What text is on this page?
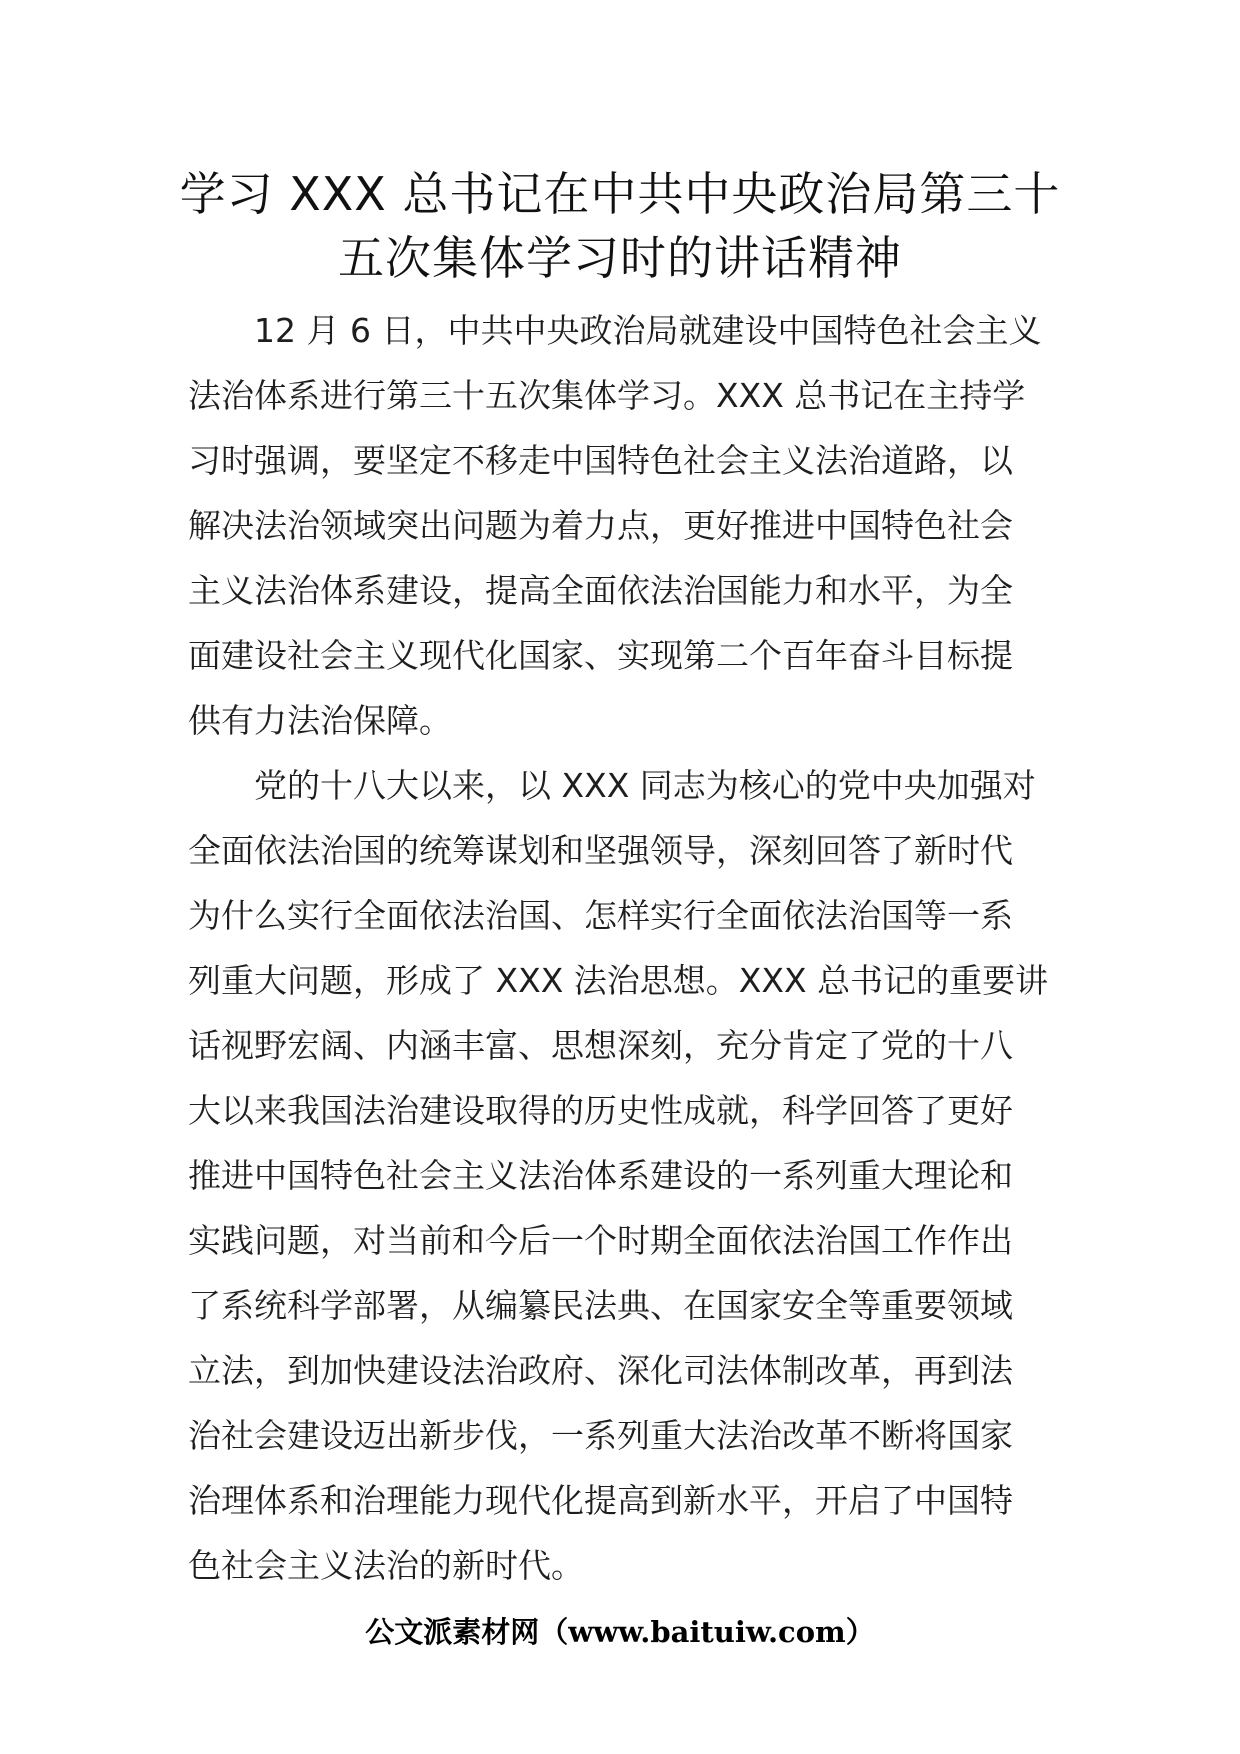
学习 XXX 总书记在中共中央政治局第三十
五次集体学习时的讲话精神
12 月 6 日，中共中央政治局就建设中国特色社会主义
法治体系进行第三十五次集体学习。XXX 总书记在主持学
习时强调，要坚定不移走中国特色社会主义法治道路，以
解决法治领域突出问题为着力点，更好推进中国特色社会
主义法治体系建设，提高全面依法治国能力和水平，为全
面建设社会主义现代化国家、实现第二个百年奋斗目标提
供有力法治保障。
党的十八大以来，以 XXX 同志为核心的党中央加强对
全面依法治国的统筹谋划和坚强领导，深刻回答了新时代
为什么实行全面依法治国、怎样实行全面依法治国等一系
列重大问题，形成了 XXX 法治思想。XXX 总书记的重要讲
话视野宏阔、内涵丰富、思想深刻，充分肯定了党的十八
大以来我国法治建设取得的历史性成就，科学回答了更好
推进中国特色社会主义法治体系建设的一系列重大理论和
实践问题，对当前和今后一个时期全面依法治国工作作出
了系统科学部署，从编纂民法典、在国家安全等重要领域
立法，到加快建设法治政府、深化司法体制改革，再到法
治社会建设迈出新步伐，一系列重大法治改革不断将国家
治理体系和治理能力现代化提高到新水平，开启了中国特
色社会主义法治的新时代。
公文派素材网（www.baituiw.com）
